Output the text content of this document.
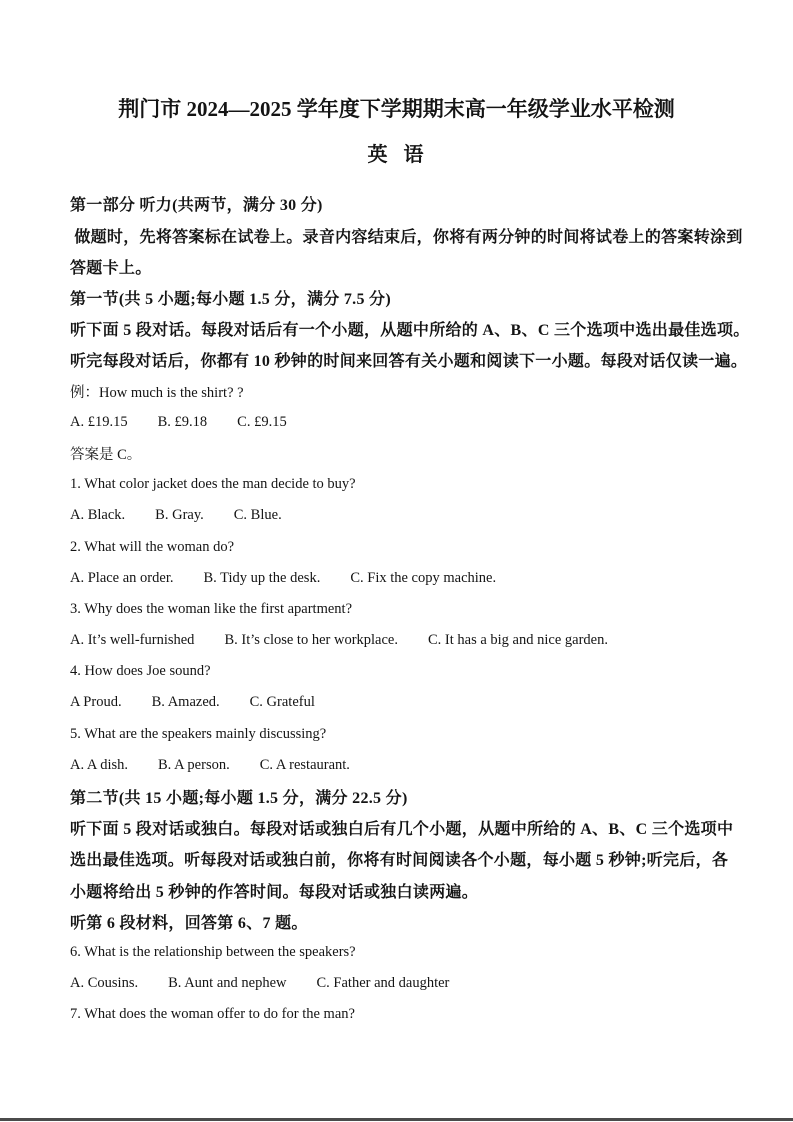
荆门市 2024—2025 学年度下学期期末高一年级学业水平检测
英  语
第一部分 听力(共两节，满分 30 分)
做题时，先将答案标在试卷上。录音内容结束后，你将有两分钟的时间将试卷上的答案转涂到
答题卡上。
第一节(共 5 小题;每小题 1.5 分，满分 7.5 分)
听下面 5 段对话。每段对话后有一个小题，从题中所给的 A、B、C 三个选项中选出最佳选项。
听完每段对话后，你都有 10 秒钟的时间来回答有关小题和阅读下一小题。每段对话仅读一遍。
例：How much is the shirt? ?
A. £19.15 B. £9.18 C. £9.15
答案是 C。
1. What color jacket does the man decide to buy?
A. Black. B. Gray. C. Blue.
2. What will the woman do?
A. Place an order. B. Tidy up the desk. C. Fix the copy machine.
3. Why does the woman like the first apartment?
A. It’s well-furnished B. It’s close to her workplace. C. It has a big and nice garden.
4. How does Joe sound?
A Proud. B. Amazed. C. Grateful
5. What are the speakers mainly discussing?
A. A dish. B. A person. C. A restaurant.
第二节(共 15 小题;每小题 1.5 分，满分 22.5 分)
听下面 5 段对话或独白。每段对话或独白后有几个小题，从题中所给的 A、B、C 三个选项中
选出最佳选项。听每段对话或独白前，你将有时间阅读各个小题，每小题 5 秒钟;听完后，各
小题将给出 5 秒钟的作答时间。每段对话或独白读两遍。
听第 6 段材料，回答第 6、7 题。
6. What is the relationship between the speakers?
A. Cousins. B. Aunt and nephew C. Father and daughter
7. What does the woman offer to do for the man?
